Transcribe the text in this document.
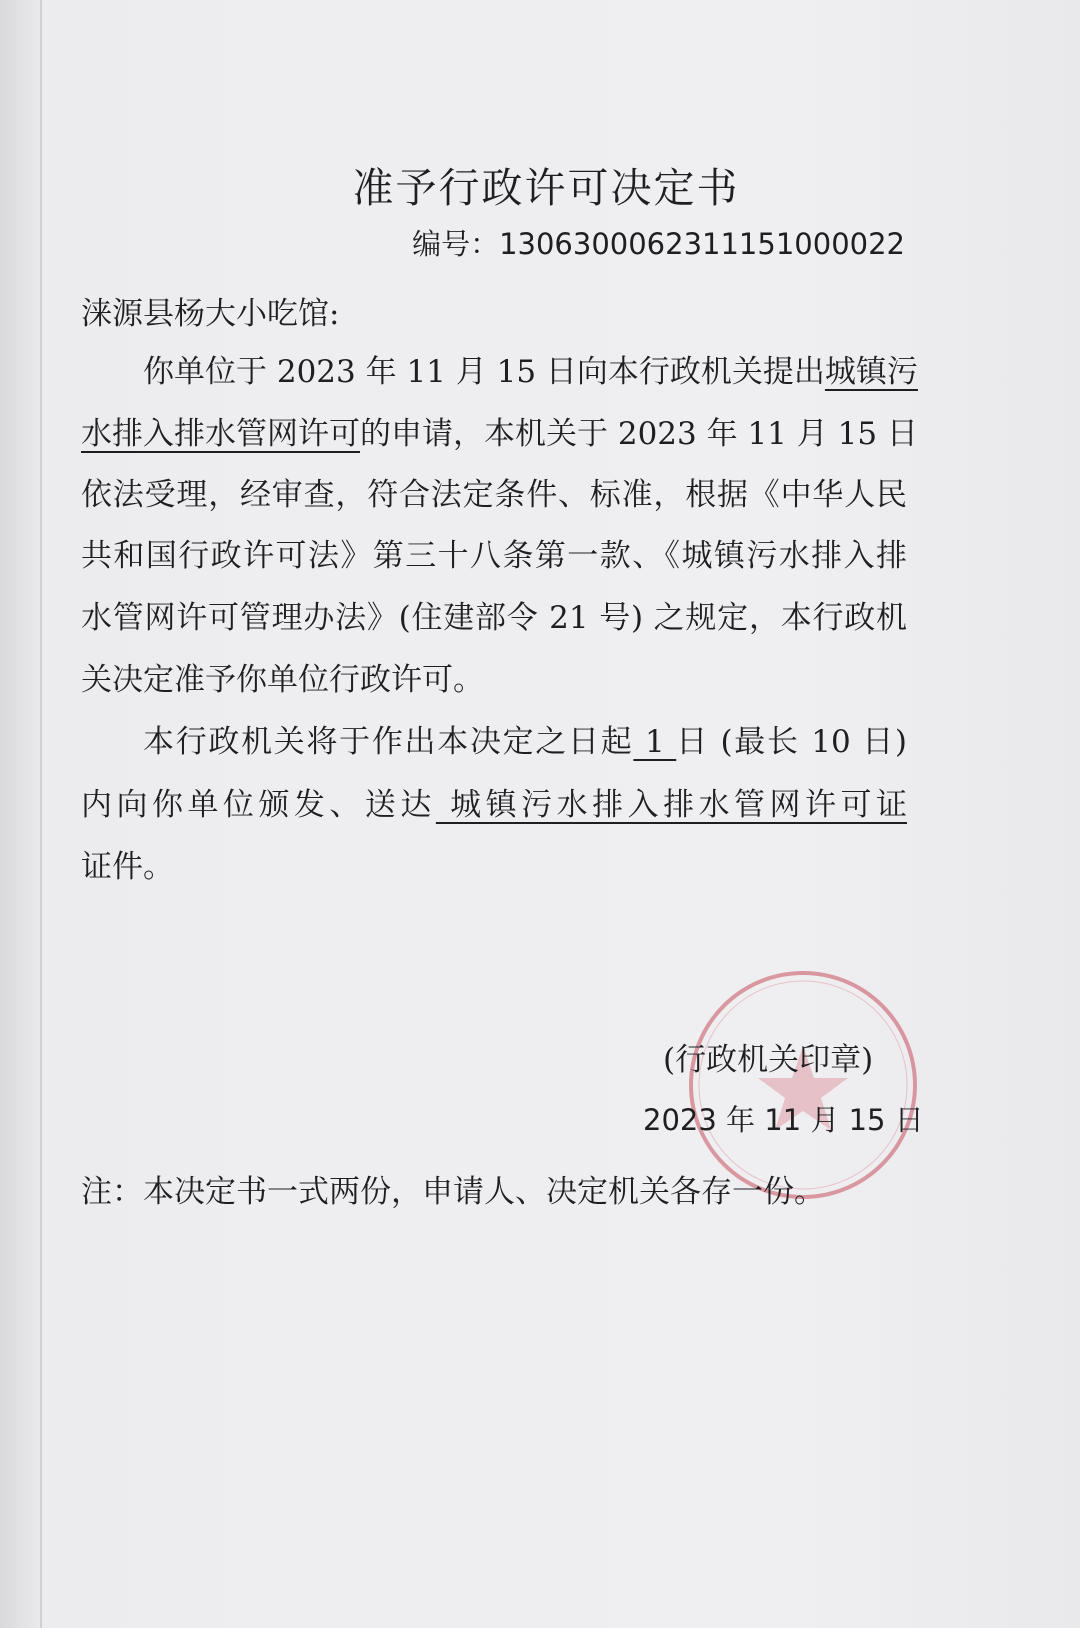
准予行政许可决定书
编号：1306300062311151000022
涞源县杨大小吃馆:
你单位于 2023 年 11 月 15 日向本行政机关提出城镇污
水排入排水管网许可的申请，本机关于 2023 年 11 月 15 日
依法受理，经审查，符合法定条件、标准，根据《中华人民
共和国行政许可法》第三十八条第一款、《城镇污水排入排
水管网许可管理办法》(住建部令 21 号) 之规定，本行政机
关决定准予你单位行政许可。
本行政机关将于作出本决定之日起 1 日 (最长 10 日)
内向你单位颁发、送达 城镇污水排入排水管网许可证
证件。
(行政机关印章)
2023 年 11 月 15 日
注：本决定书一式两份，申请人、决定机关各存一份。
